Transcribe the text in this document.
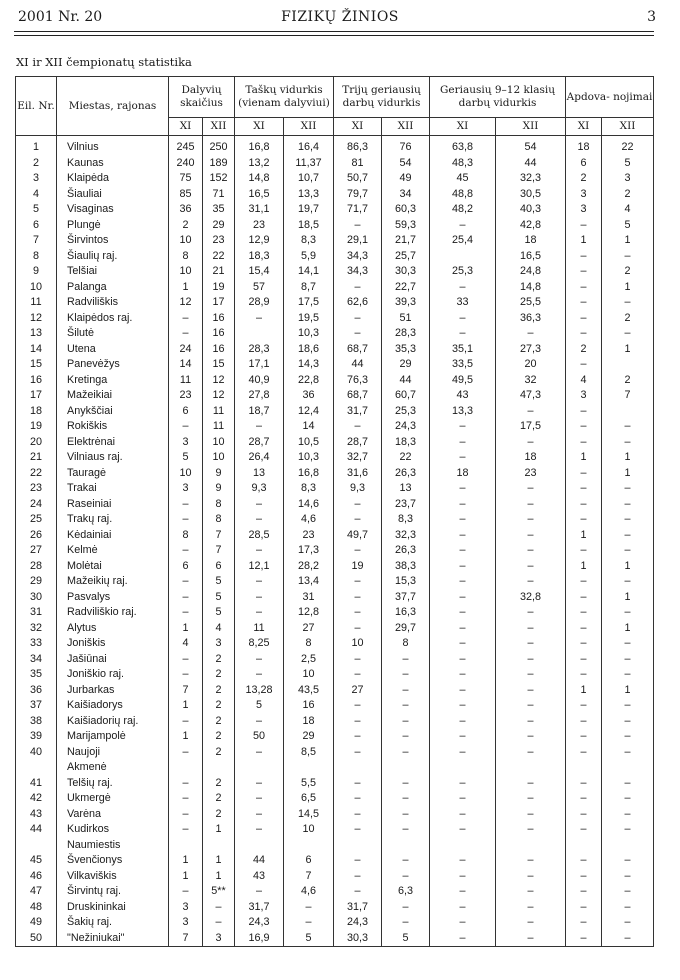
2001 Nr. 20	FIZIKŲ ŽINIOS	3
XI ir XII čempionatų statistika
Eil. Nr.	Miestas, rajonas	Dalyvių skaičius		Taškų vidurkis (vienam dalyviui)		Trijų geriausių darbų vidurkis		Geriausių 9–12 klasių darbų vidurkis		Apdova- nojimai	
		XI	XII	XI	XII	XI	XII	XI	XII	XI	XII
1	Vilnius	245	250	16,8	16,4	86,3	76	63,8	54	18	22
2	Kaunas	240	189	13,2	11,37	81	54	48,3	44	6	5
3	Klaipėda	75	152	14,8	10,7	50,7	49	45	32,3	2	3
4	Šiauliai	85	71	16,5	13,3	79,7	34	48,8	30,5	3	2
5	Visaginas	36	35	31,1	19,7	71,7	60,3	48,2	40,3	3	4
6	Plungė	2	29	23	18,5	–	59,3	–	42,8	–	5
7	Širvintos	10	23	12,9	8,3	29,1	21,7	25,4	18	1	1
8	Šiaulių raj.	8	22	18,3	5,9	34,3	25,7		16,5	–	–
9	Telšiai	10	21	15,4	14,1	34,3	30,3	25,3	24,8	–	2
10	Palanga	1	19	57	8,7	–	22,7	–	14,8	–	1
11	Radviliškis	12	17	28,9	17,5	62,6	39,3	33	25,5	–	–
12	Klaipėdos raj.	–	16	–	19,5	–	51	–	36,3	–	2
13	Šilutė	–	16		10,3	–	28,3	–	–	–	–
14	Utena	24	16	28,3	18,6	68,7	35,3	35,1	27,3	2	1
15	Panevėžys	14	15	17,1	14,3	44	29	33,5	20	–	
16	Kretinga	11	12	40,9	22,8	76,3	44	49,5	32	4	2
17	Mažeikiai	23	12	27,8	36	68,7	60,7	43	47,3	3	7
18	Anykščiai	6	11	18,7	12,4	31,7	25,3	13,3	–	–	
19	Rokiškis	–	11	–	14	–	24,3	–	17,5	–	–
20	Elektrėnai	3	10	28,7	10,5	28,7	18,3	–	–	–	–
21	Vilniaus raj.	5	10	26,4	10,3	32,7	22	–	18	1	1
22	Tauragė	10	9	13	16,8	31,6	26,3	18	23	–	1
23	Trakai	3	9	9,3	8,3	9,3	13	–	–	–	–
24	Raseiniai	–	8	–	14,6	–	23,7	–	–	–	–
25	Trakų raj.	–	8	–	4,6	–	8,3	–	–	–	–
26	Kėdainiai	8	7	28,5	23	49,7	32,3	–	–	1	–
27	Kelmė	–	7	–	17,3	–	26,3	–	–	–	–
28	Molėtai	6	6	12,1	28,2	19	38,3	–	–	1	1
29	Mažeikių raj.	–	5	–	13,4	–	15,3	–	–	–	–
30	Pasvalys	–	5	–	31	–	37,7	–	32,8	–	1
31	Radviliškio raj.	–	5	–	12,8	–	16,3	–	–	–	–
32	Alytus	1	4	11	27	–	29,7	–	–	–	1
33	Joniškis	4	3	8,25	8	10	8	–	–	–	–
34	Jašiūnai	–	2	–	2,5	–	–	–	–	–	–
35	Joniškio raj.	–	2	–	10	–	–	–	–	–	–
36	Jurbarkas	7	2	13,28	43,5	27	–	–	–	1	1
37	Kaišiadorys	1	2	5	16	–	–	–	–	–	–
38	Kaišiadorių raj.	–	2	–	18	–	–	–	–	–	–
39	Marijampolė	1	2	50	29	–	–	–	–	–	–
40	Naujoji	–	2	–	8,5	–	–	–	–	–	–
	Akmenė										
41	Telšių raj.	–	2	–	5,5	–	–	–	–	–	–
42	Ukmergė	–	2	–	6,5	–	–	–	–	–	–
43	Varėna	–	2	–	14,5	–	–	–	–	–	–
44	Kudirkos	–	1	–	10	–	–	–	–	–	–
	Naumiestis										
45	Švenčionys	1	1	44	6	–	–	–	–	–	–
46	Vilkaviškis	1	1	43	7	–	–	–	–	–	–
47	Širvintų raj.	–	5**	–	4,6	–	6,3	–	–	–	–
48	Druskininkai	3	–	31,7	–	31,7	–	–	–	–	–
49	Šakių raj.	3	–	24,3	–	24,3	–	–	–	–	–
50	"Nežiniukai"	7	3	16,9	5	30,3	5	–	–	–	–
